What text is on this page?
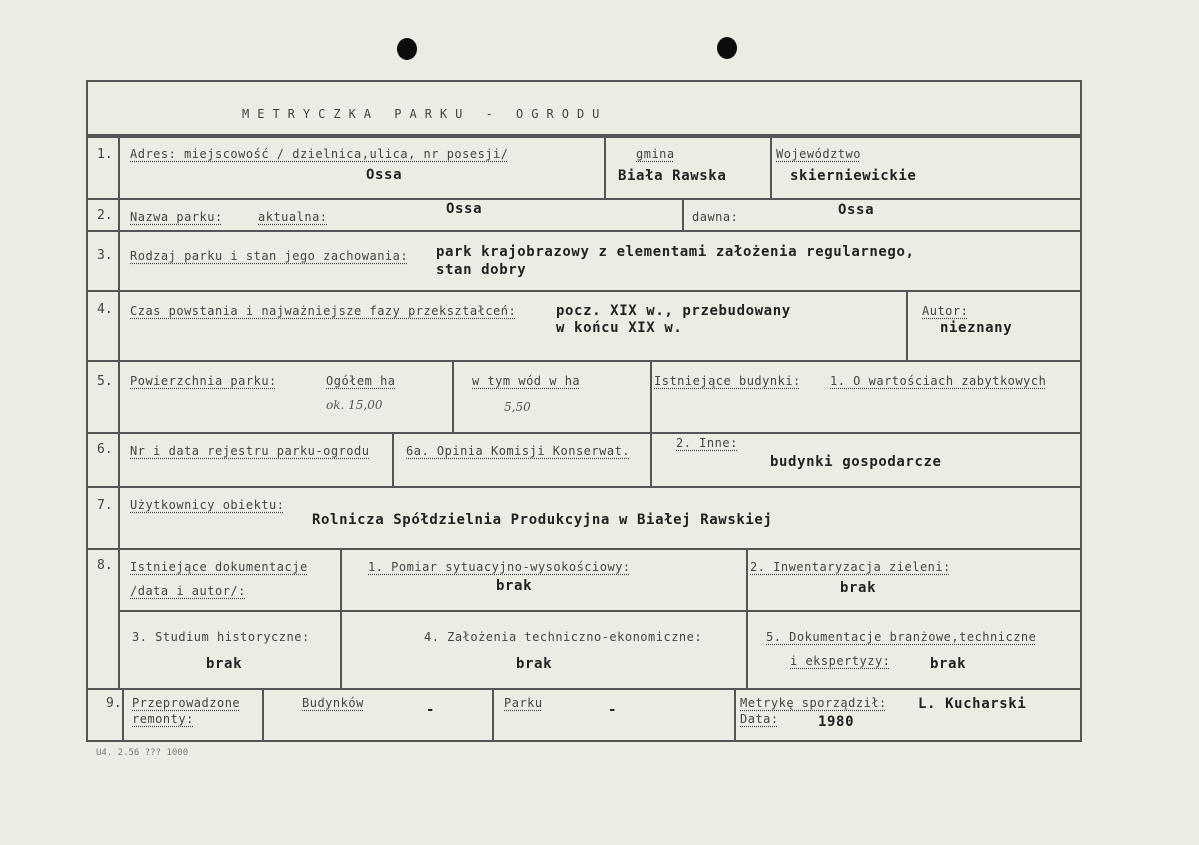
METRYCZKA PARKU - OGRODU
1. Adres: miejscowość / dzielnica,ulica, nr posesji/
Ossa
gmina
Biała Rawska
Województwo
skierniewickie
2. Nazwa parku:	aktualna:	Ossa	dawna:	Ossa
3. Rodzaj parku i stan jego zachowania: park krajobrazowy z elementami założenia regularnego,
stan dobry
4. Czas powstania i najważniejsze fazy przekształceń:	pocz. XIX w., przebudowany
w końcu XIX w.
Autor:
nieznany
5. Powierzchnia parku:	Ogółem ha
ok. 15,00
w tym wód w ha
5,50
Istniejące budynki: 1. O wartościach zabytkowych
6. Nr i data rejestru parku-ogrodu	6a. Opinia Komisji Konserwat.
2. Inne:
budynki gospodarcze
7. Użytkownicy obiektu:
Rolnicza Spółdzielnia Produkcyjna w Białej Rawskiej
8. Istniejące dokumentacje
/data i autor/:
1. Pomiar sytuacyjno-wysokościowy:
brak
2. Inwentaryzacja zieleni:
brak
3. Studium historyczne:
brak
4. Założenia techniczno-ekonomiczne:
brak
5. Dokumentacje branżowe,techniczne
i ekspertyzy:	brak
9. Przeprowadzone
remonty:
Budynków	-	Parku	-	Metrykę sporządził: L. Kucharski
Data:	1980
U4. 2.56 ??? 1000
